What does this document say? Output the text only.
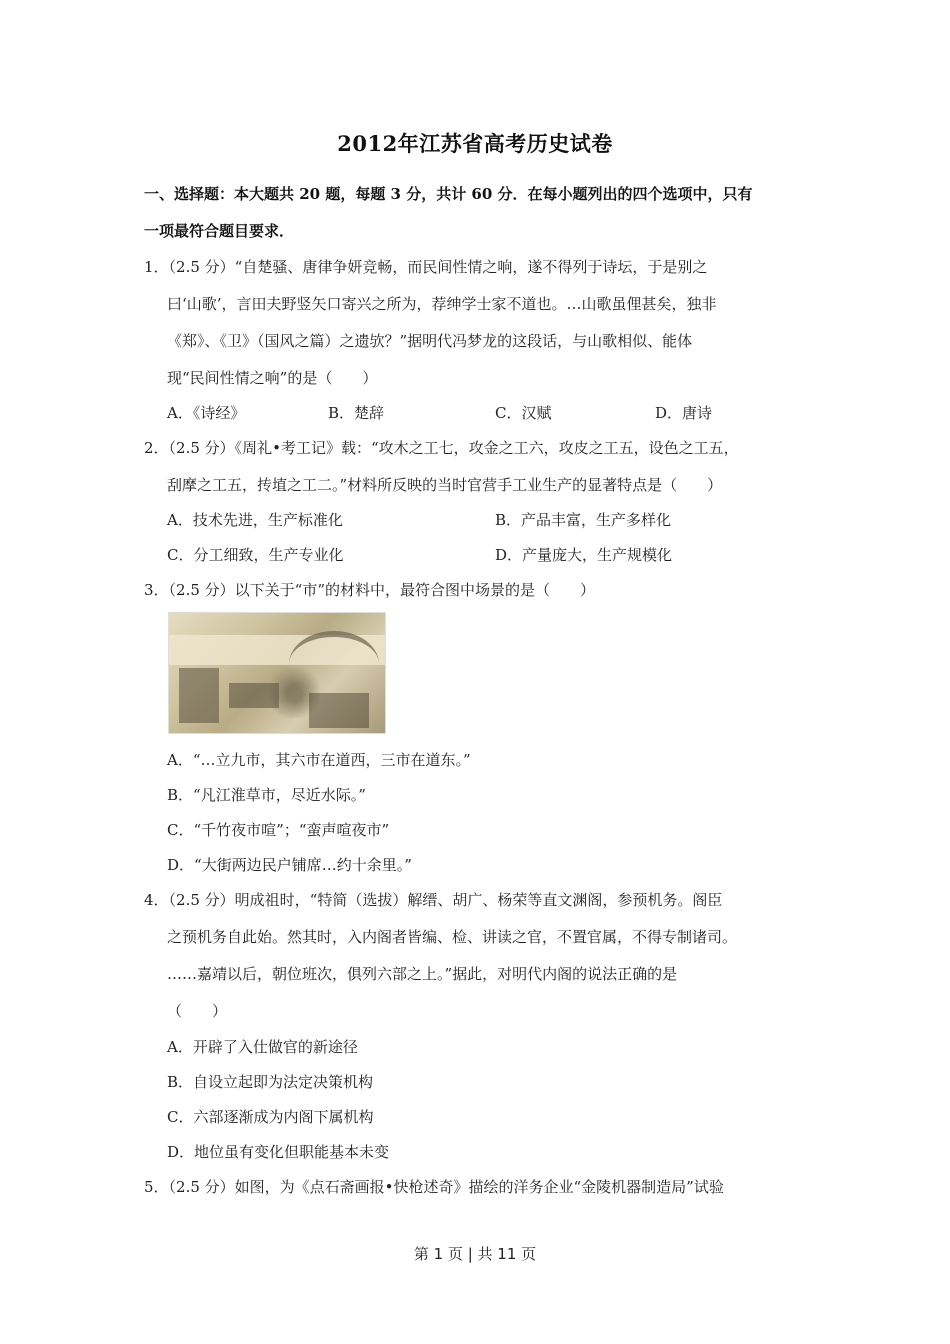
2012年江苏省高考历史试卷
一、选择题：本大题共 20 题，每题 3 分，共计 60 分．在每小题列出的四个选项中，只有
一项最符合题目要求．
1．（2.5 分）“自楚骚、唐律争妍竞畅，而民间性情之响，遂不得列于诗坛，于是别之
曰‘山歌’，言田夫野竖矢口寄兴之所为，荐绅学士家不道也。…山歌虽俚甚矣，独非
《郑》、《卫》（国风之篇）之遗欤？”据明代冯梦龙的这段话，与山歌相似、能体
现“民间性情之响”的是（　　）
A．《诗经》	B．楚辞	C．汉赋	D．唐诗
2．（2.5 分）《周礼•考工记》载：“攻木之工七，攻金之工六，攻皮之工五，设色之工五，
刮摩之工五，抟埴之工二。”材料所反映的当时官营手工业生产的显著特点是（　　）
A．技术先进，生产标准化	B．产品丰富，生产多样化
C．分工细致，生产专业化	D．产量庞大，生产规模化
3．（2.5 分）以下关于“市”的材料中，最符合图中场景的是（　　）
A．“…立九市，其六市在道西，三市在道东。”
B．“凡江淮草市，尽近水际。”
C．“千竹夜市喧”；“蛮声喧夜市”
D．“大街两边民户铺席…约十余里。”
4．（2.5 分）明成祖时，“特简（选拔）解缙、胡广、杨荣等直文渊阁，参预机务。阁臣
之预机务自此始。然其时，入内阁者皆编、检、讲读之官，不置官属，不得专制诸司。
……嘉靖以后，朝位班次，俱列六部之上。”据此，对明代内阁的说法正确的是
（　　）
A．开辟了入仕做官的新途径
B．自设立起即为法定决策机构
C．六部逐渐成为内阁下属机构
D．地位虽有变化但职能基本未变
5．（2.5 分）如图，为《点石斋画报•快枪述奇》描绘的洋务企业“金陵机器制造局”试验
第 1 页 | 共 11 页
